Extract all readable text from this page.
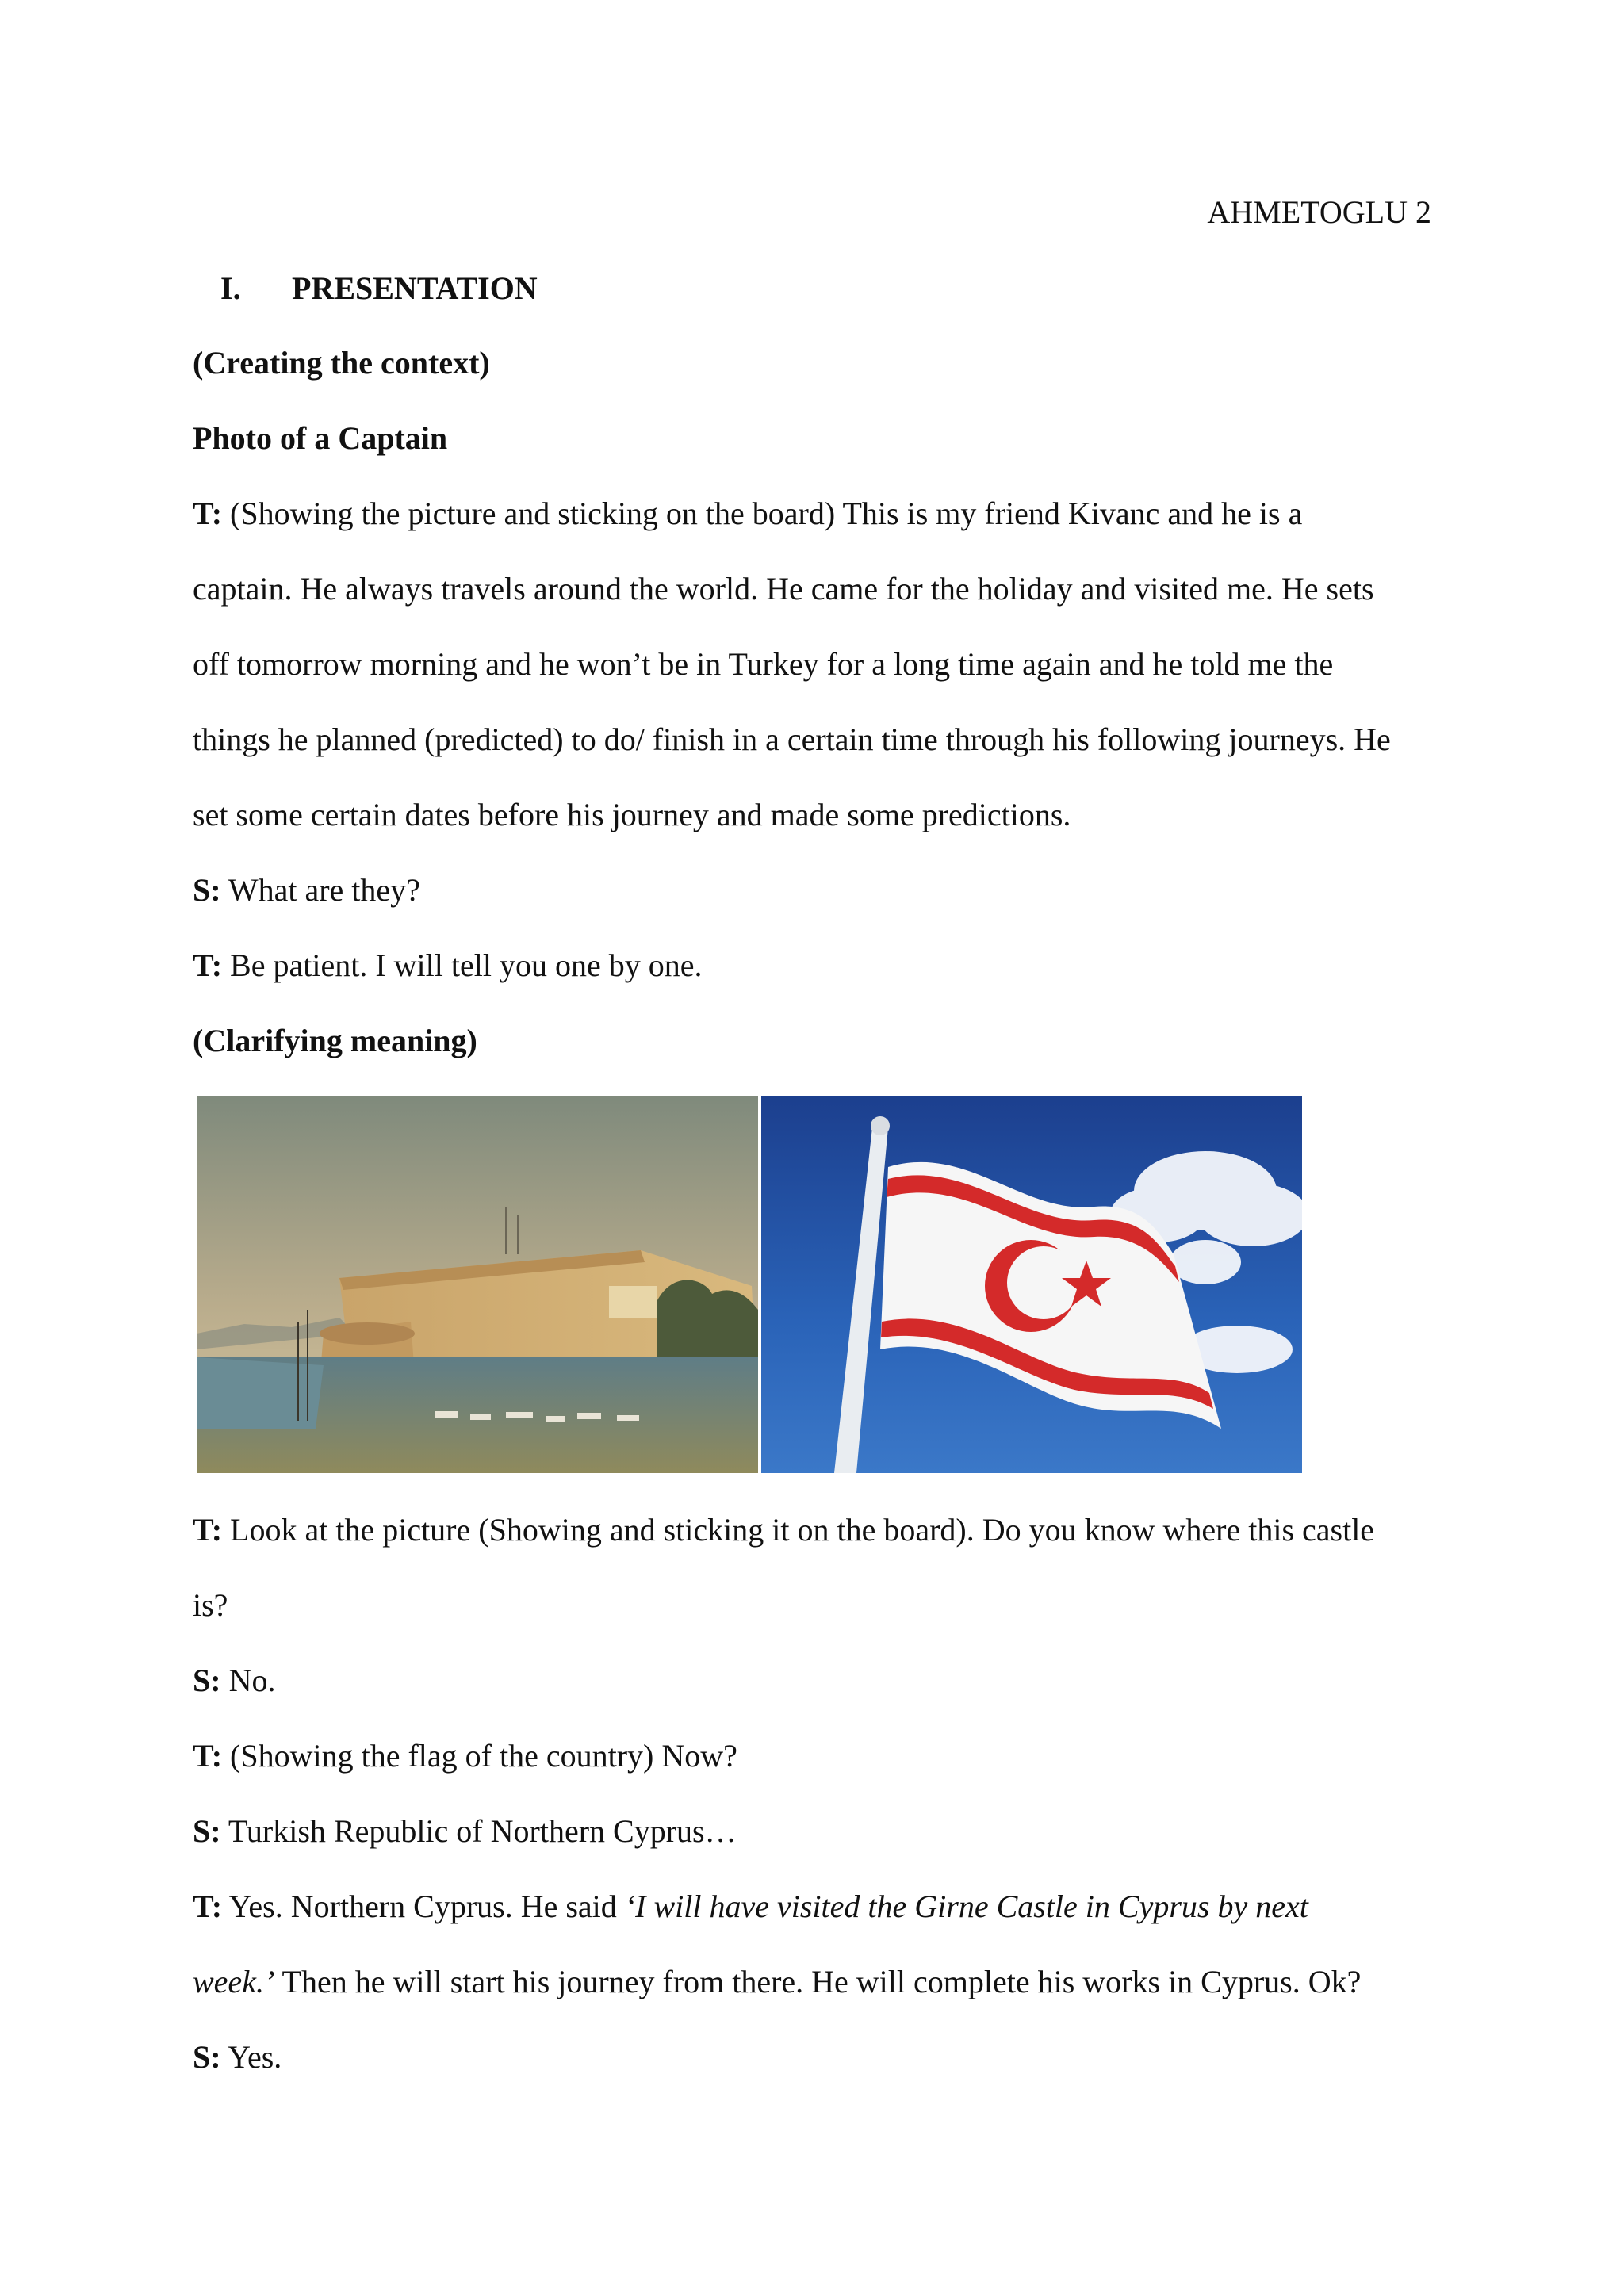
AHMETOGLU 2
I. PRESENTATION
(Creating the context)
Photo of a Captain
T: (Showing the picture and sticking on the board) This is my friend Kivanc and he is a
captain. He always travels around the world. He came for the holiday and visited me. He sets
off tomorrow morning and he won’t be in Turkey for a long time again and he told me the
things he planned (predicted) to do/ finish in a certain time through his following journeys. He
set some certain dates before his journey and made some predictions.
S: What are they?
T: Be patient. I will tell you one by one.
(Clarifying meaning)
T: Look at the picture (Showing and sticking it on the board). Do you know where this castle
is?
S: No.
T: (Showing the flag of the country) Now?
S: Turkish Republic of Northern Cyprus…
T: Yes. Northern Cyprus. He said ‘I will have visited the Girne Castle in Cyprus by next
week.’ Then he will start his journey from there. He will complete his works in Cyprus. Ok?
S: Yes.
